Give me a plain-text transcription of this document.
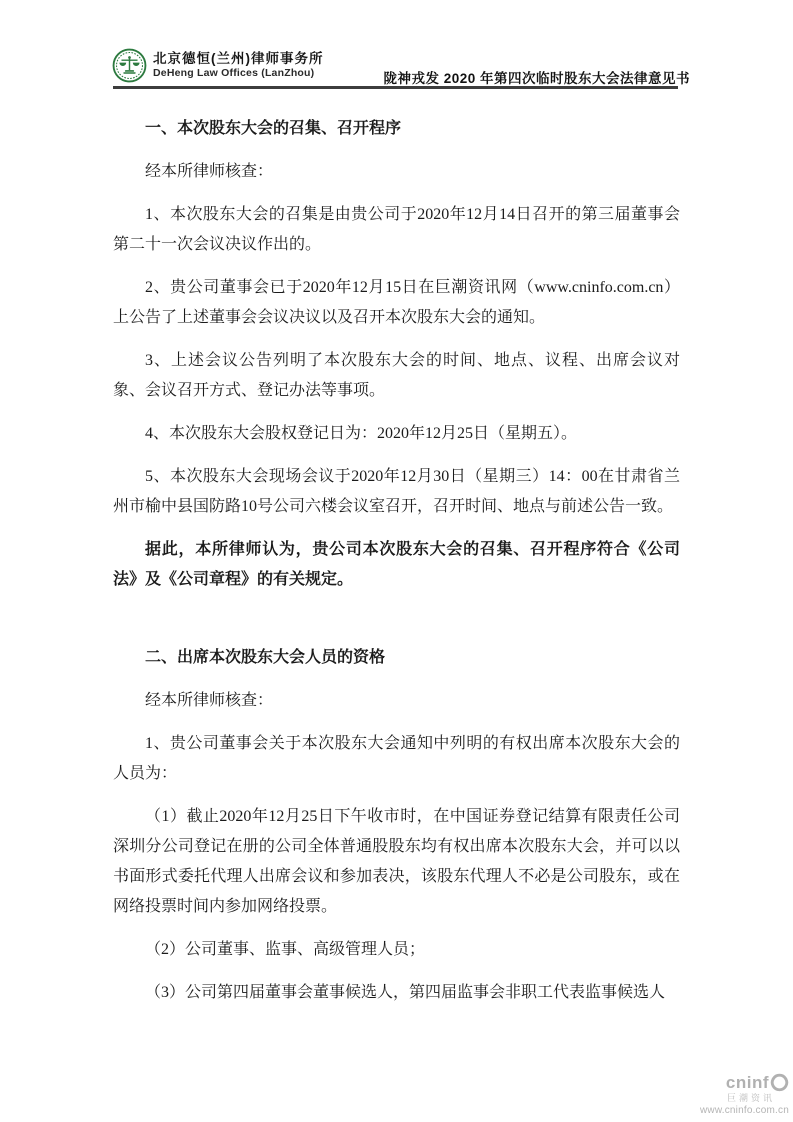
北京德恒(兰州)律师事务所
DeHeng Law Offices (LanZhou)	陇神戎发 2020 年第四次临时股东大会法律意见书

一、本次股东大会的召集、召开程序

经本所律师核查：

1、本次股东大会的召集是由贵公司于2020年12月14日召开的第三届董事会第二十一次会议决议作出的。

2、贵公司董事会已于2020年12月15日在巨潮资讯网（www.cninfo.com.cn）上公告了上述董事会会议决议以及召开本次股东大会的通知。

3、上述会议公告列明了本次股东大会的时间、地点、议程、出席会议对象、会议召开方式、登记办法等事项。

4、本次股东大会股权登记日为：2020年12月25日（星期五）。

5、本次股东大会现场会议于2020年12月30日（星期三）14：00在甘肃省兰州市榆中县国防路10号公司六楼会议室召开，召开时间、地点与前述公告一致。

据此，本所律师认为，贵公司本次股东大会的召集、召开程序符合《公司法》及《公司章程》的有关规定。

二、出席本次股东大会人员的资格

经本所律师核查：

1、贵公司董事会关于本次股东大会通知中列明的有权出席本次股东大会的人员为：

（1）截止2020年12月25日下午收市时，在中国证券登记结算有限责任公司深圳分公司登记在册的公司全体普通股股东均有权出席本次股东大会，并可以以书面形式委托代理人出席会议和参加表决，该股东代理人不必是公司股东，或在网络投票时间内参加网络投票。

（2）公司董事、监事、高级管理人员；

（3）公司第四届董事会董事候选人，第四届监事会非职工代表监事候选人

cninf
巨潮资讯
www.cninfo.com.cn
